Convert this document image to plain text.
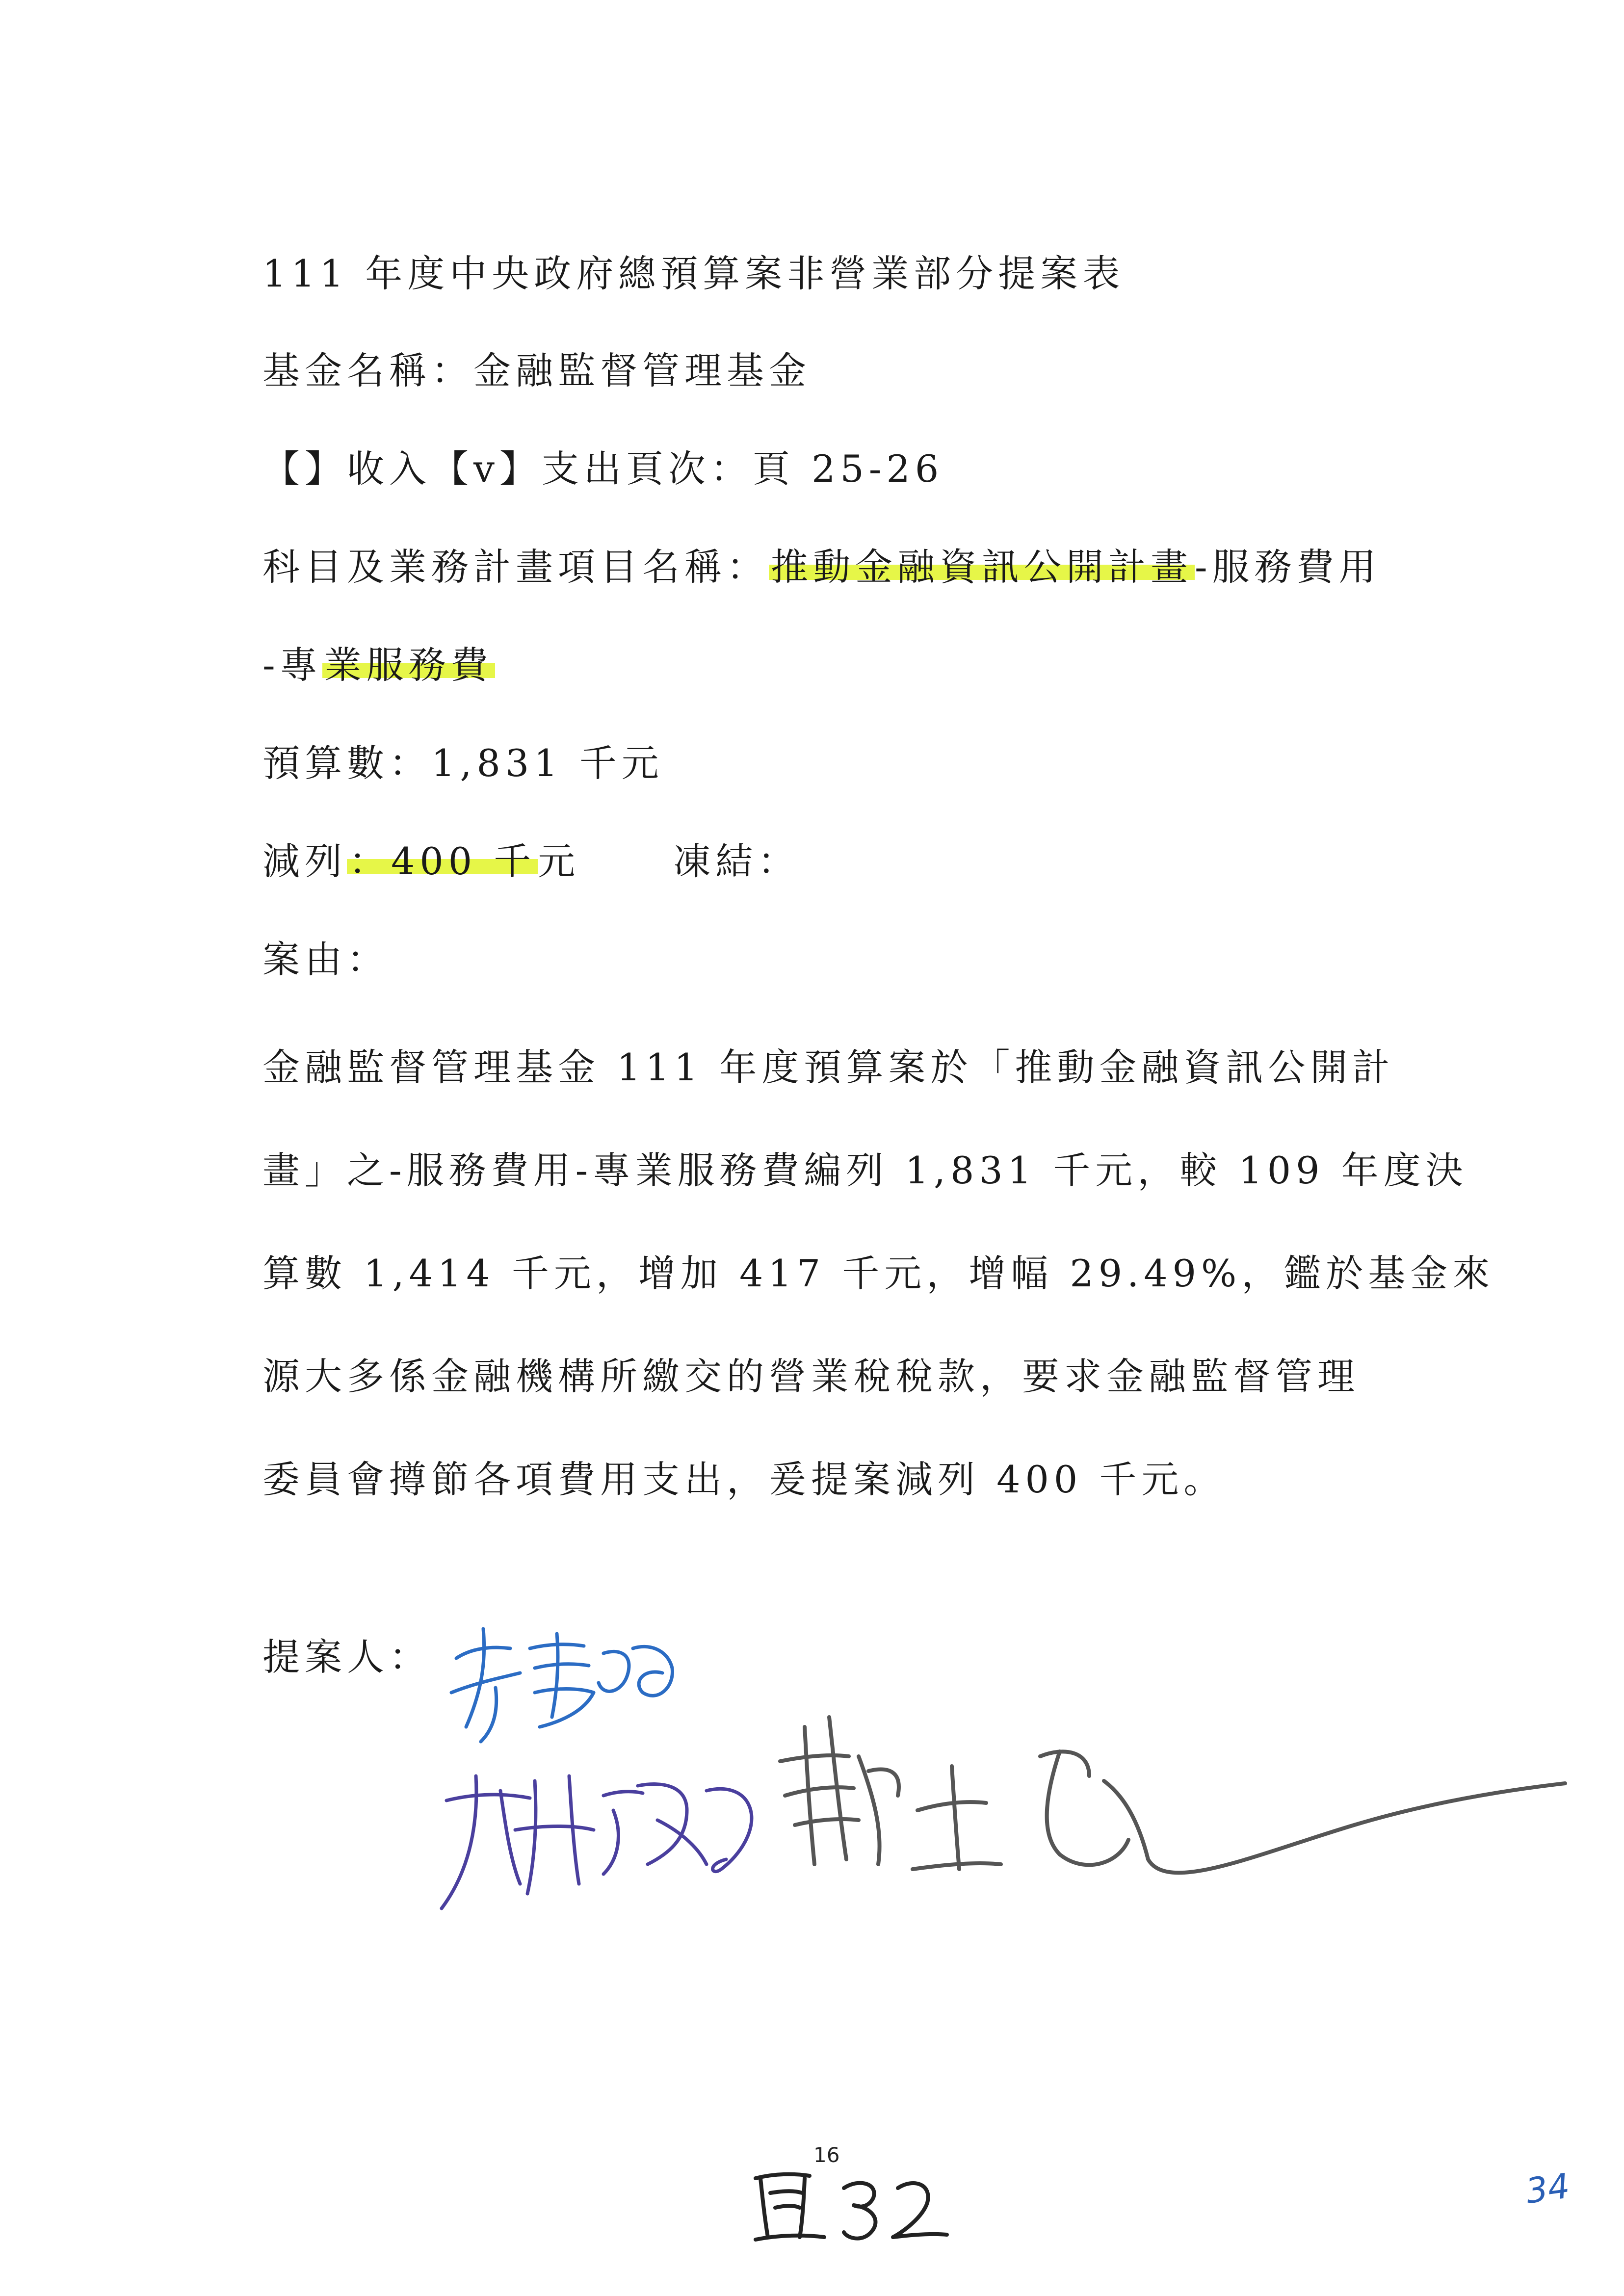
111 年度中央政府總預算案非營業部分提案表
基金名稱：金融監督管理基金
【】收入【v】支出頁次：頁 25-26
科目及業務計畫項目名稱：推動金融資訊公開計畫-服務費用
-專業服務費
預算數：1,831 千元
減列：400 千元	凍結：
案由：
金融監督管理基金 111 年度預算案於「推動金融資訊公開計
畫」之-服務費用-專業服務費編列 1,831 千元，較 109 年度決
算數 1,414 千元，增加 417 千元，增幅 29.49%，鑑於基金來
源大多係金融機構所繳交的營業稅稅款，要求金融監督管理
委員會撙節各項費用支出，爰提案減列 400 千元。
提案人：
16
34
